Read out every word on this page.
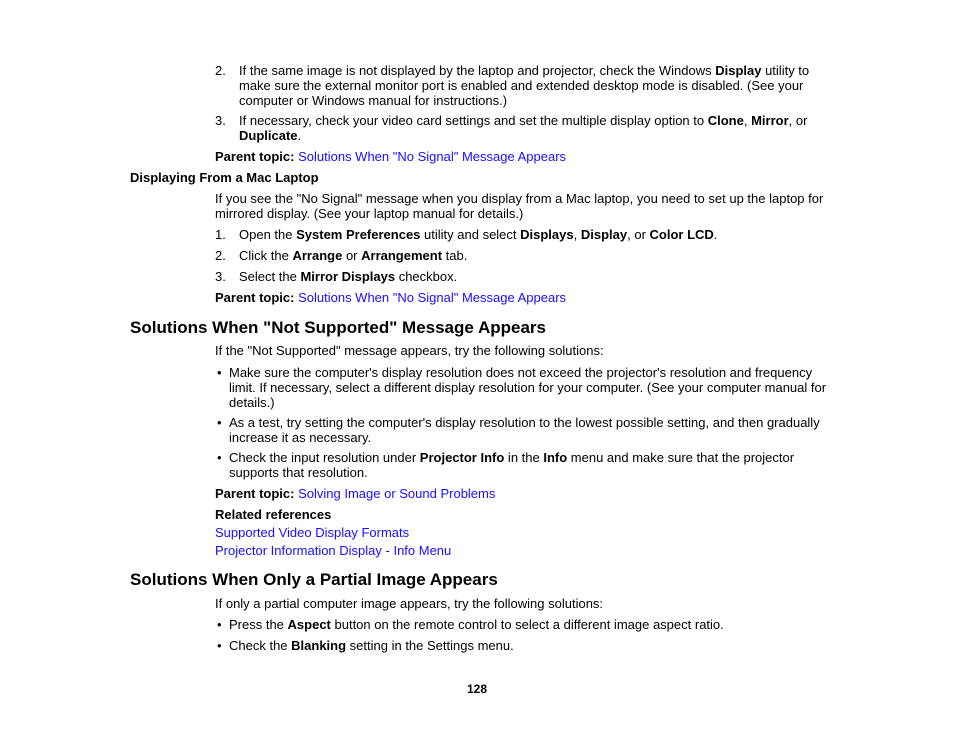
2. If the same image is not displayed by the laptop and projector, check the Windows Display utility to make sure the external monitor port is enabled and extended desktop mode is disabled. (See your computer or Windows manual for instructions.)
3. If necessary, check your video card settings and set the multiple display option to Clone, Mirror, or Duplicate.
Parent topic: Solutions When "No Signal" Message Appears
Displaying From a Mac Laptop
If you see the "No Signal" message when you display from a Mac laptop, you need to set up the laptop for mirrored display. (See your laptop manual for details.)
1. Open the System Preferences utility and select Displays, Display, or Color LCD.
2. Click the Arrange or Arrangement tab.
3. Select the Mirror Displays checkbox.
Parent topic: Solutions When "No Signal" Message Appears
Solutions When "Not Supported" Message Appears
If the "Not Supported" message appears, try the following solutions:
• Make sure the computer's display resolution does not exceed the projector's resolution and frequency limit. If necessary, select a different display resolution for your computer. (See your computer manual for details.)
• As a test, try setting the computer's display resolution to the lowest possible setting, and then gradually increase it as necessary.
• Check the input resolution under Projector Info in the Info menu and make sure that the projector supports that resolution.
Parent topic: Solving Image or Sound Problems
Related references
Supported Video Display Formats
Projector Information Display - Info Menu
Solutions When Only a Partial Image Appears
If only a partial computer image appears, try the following solutions:
• Press the Aspect button on the remote control to select a different image aspect ratio.
• Check the Blanking setting in the Settings menu.
128
